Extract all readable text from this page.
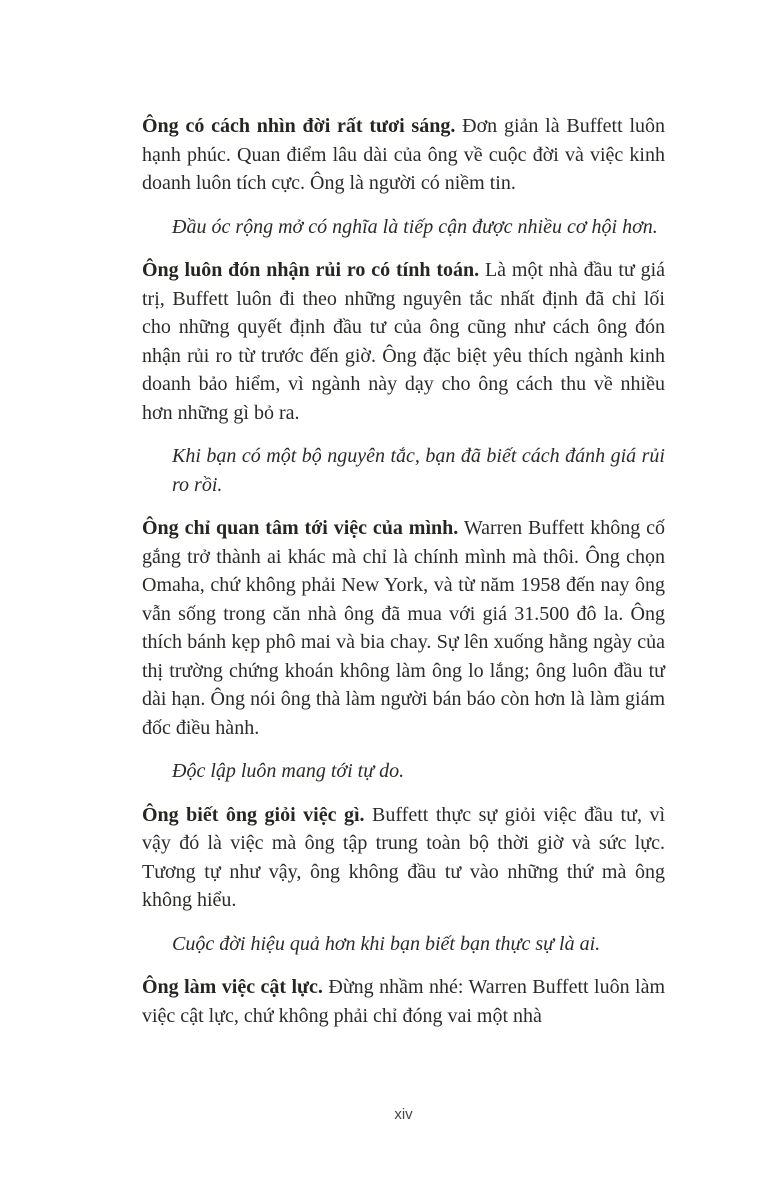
Ông có cách nhìn đời rất tươi sáng. Đơn giản là Buffett luôn hạnh phúc. Quan điểm lâu dài của ông về cuộc đời và việc kinh doanh luôn tích cực. Ông là người có niềm tin.

Đầu óc rộng mở có nghĩa là tiếp cận được nhiều cơ hội hơn.

Ông luôn đón nhận rủi ro có tính toán. Là một nhà đầu tư giá trị, Buffett luôn đi theo những nguyên tắc nhất định đã chỉ lối cho những quyết định đầu tư của ông cũng như cách ông đón nhận rủi ro từ trước đến giờ. Ông đặc biệt yêu thích ngành kinh doanh bảo hiểm, vì ngành này dạy cho ông cách thu về nhiều hơn những gì bỏ ra.

Khi bạn có một bộ nguyên tắc, bạn đã biết cách đánh giá rủi ro rồi.

Ông chỉ quan tâm tới việc của mình. Warren Buffett không cố gắng trở thành ai khác mà chỉ là chính mình mà thôi. Ông chọn Omaha, chứ không phải New York, và từ năm 1958 đến nay ông vẫn sống trong căn nhà ông đã mua với giá 31.500 đô la. Ông thích bánh kẹp phô mai và bia chay. Sự lên xuống hằng ngày của thị trường chứng khoán không làm ông lo lắng; ông luôn đầu tư dài hạn. Ông nói ông thà làm người bán báo còn hơn là làm giám đốc điều hành.

Độc lập luôn mang tới tự do.

Ông biết ông giỏi việc gì. Buffett thực sự giỏi việc đầu tư, vì vậy đó là việc mà ông tập trung toàn bộ thời giờ và sức lực. Tương tự như vậy, ông không đầu tư vào những thứ mà ông không hiểu.

Cuộc đời hiệu quả hơn khi bạn biết bạn thực sự là ai.

Ông làm việc cật lực. Đừng nhầm nhé: Warren Buffett luôn làm việc cật lực, chứ không phải chỉ đóng vai một nhà

xiv
